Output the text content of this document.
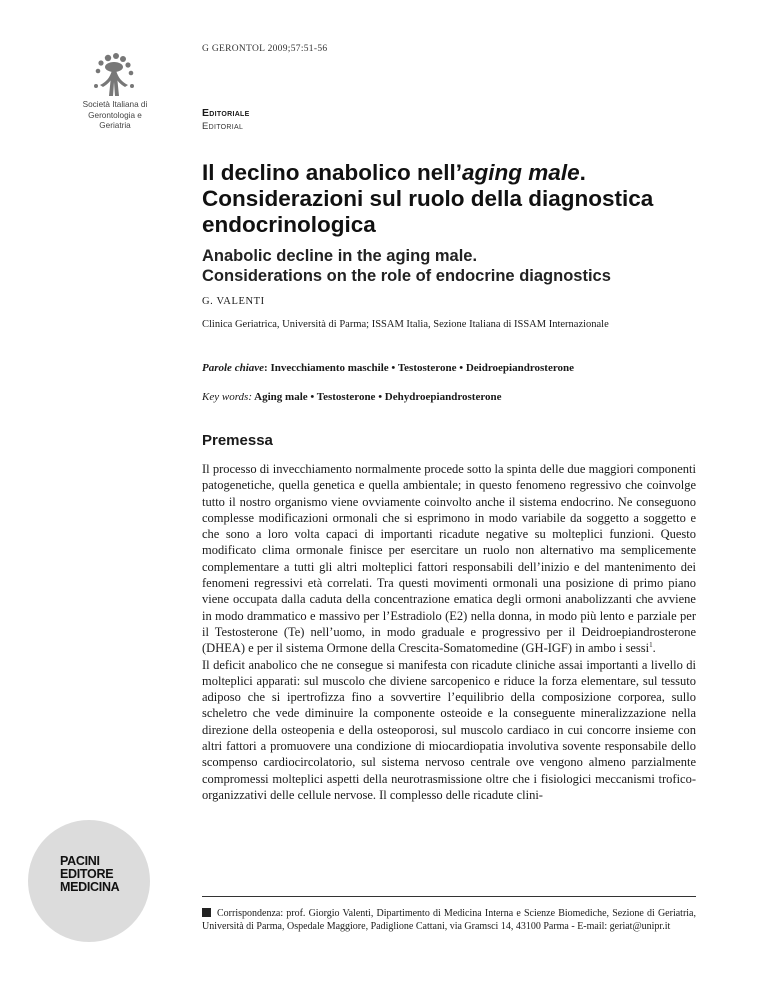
G GERONTOL 2009;57:51-56
Società Italiana di
Gerontologia e
Geriatria
Editoriale
Editorial
Il declino anabolico nell’aging male. Considerazioni sul ruolo della diagnostica endocrinologica
Anabolic decline in the aging male.
Considerations on the role of endocrine diagnostics
G. VALENTI
Clinica Geriatrica, Università di Parma; ISSAM Italia, Sezione Italiana di ISSAM Internazionale
Parole chiave: Invecchiamento maschile • Testosterone • Deidroepiandrosterone
Key words: Aging male • Testosterone • Dehydroepiandrosterone
Premessa

Il processo di invecchiamento normalmente procede sotto la spinta delle due maggiori componenti patogenetiche, quella genetica e quella ambientale; in questo fenomeno regressivo che coinvolge tutto il nostro organismo viene ovviamente coinvolto anche il sistema endocrino. Ne conseguono complesse modificazioni ormonali che si esprimono in modo variabile da soggetto a soggetto e che sono a loro volta capaci di importanti ricadute negative su molteplici funzioni. Questo modificato clima ormonale finisce per esercitare un ruolo non alternativo ma semplicemente complementare a tutti gli altri molteplici fattori responsabili dell’inizio e del mantenimento dei fenomeni regressivi età correlati. Tra questi movimenti ormonali una posizione di primo piano viene occupata dalla caduta della concentrazione ematica degli ormoni anabolizzanti che avviene in modo drammatico e massivo per l’Estradiolo (E2) nella donna, in modo più lento e parziale per il Testosterone (Te) nell’uomo, in modo graduale e progressivo per il Deidroepiandrosterone (DHEA) e per il sistema Ormone della Crescita-Somatomedine (GH-IGF) in ambo i sessi$^1$.

Il deficit anabolico che ne consegue si manifesta con ricadute cliniche assai importanti a livello di molteplici apparati: sul muscolo che diviene sarcopenico e riduce la forza elementare, sul tessuto adiposo che si ipertrofizza fino a sovvertire l’equilibrio della composizione corporea, sullo scheletro che vede diminuire la componente osteoide e la conseguente mineralizzazione nella direzione della osteopenia e della osteoporosi, sul muscolo cardiaco in cui concorre insieme con altri fattori a promuovere una condizione di miocardiopatia involutiva sovente responsabile dello scompenso cardiocircolatorio, sul sistema nervoso centrale ove vengono almeno parzialmente compromessi molteplici aspetti della neurotrasmissione oltre che i fisiologici meccanismi trofico-organizzativi delle cellule nervose. Il complesso delle ricadute clini-

PACINI
EDITORE
MEDICINA
Corrispondenza: prof. Giorgio Valenti, Dipartimento di Medicina Interna e Scienze Biomediche, Sezione di Geriatria, Università di Parma, Ospedale Maggiore, Padiglione Cattani, via Gramsci 14, 43100 Parma - E-mail: geriat@unipr.it
